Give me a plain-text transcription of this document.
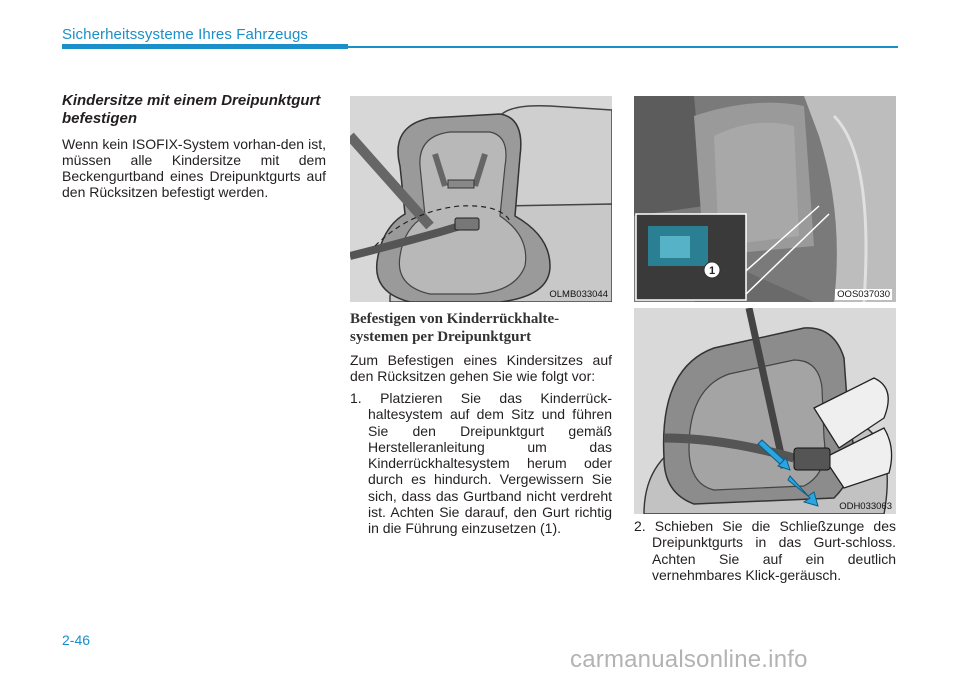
Sicherheitssysteme Ihres Fahrzeugs

Kindersitze mit einem Dreipunktgurt befestigen

Wenn kein ISOFIX-System vorhan-den ist, müssen alle Kindersitze mit dem Beckengurtband eines Dreipunktgurts auf den Rücksitzen befestigt werden.

OLMB033044
1
OOS037030
ODH033063

Befestigen von Kinderrückhalte-systemen per Dreipunktgurt

Zum Befestigen eines Kindersitzes auf den Rücksitzen gehen Sie wie folgt vor:

1. Platzieren Sie das Kinderrück-haltesystem auf dem Sitz und führen Sie den Dreipunktgurt gemäß Herstelleranleitung um das Kinderrückhaltesystem herum oder durch es hindurch. Vergewissern Sie sich, dass das Gurtband nicht verdreht ist. Achten Sie darauf, den Gurt richtig in die Führung einzusetzen (1).	2. Schieben Sie die Schließzunge des Dreipunktgurts in das Gurt-schloss. Achten Sie auf ein deutlich vernehmbares Klick-geräusch.

2-46
carmanualsonline.info
